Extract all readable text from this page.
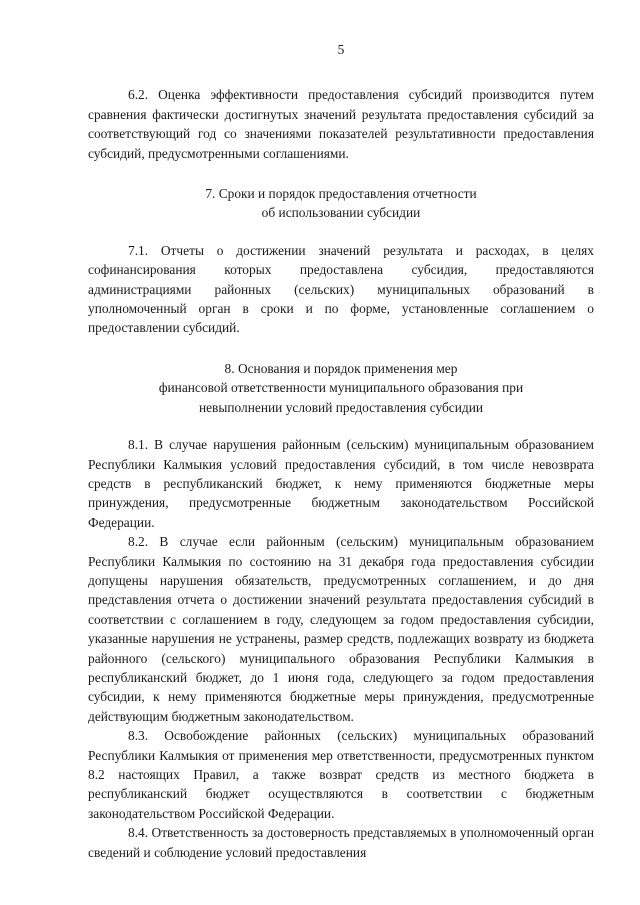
5

6.2. Оценка эффективности предоставления субсидий производится путем сравнения фактически достигнутых значений результата предоставления субсидий за соответствующий год со значениями показателей результативности предоставления субсидий, предусмотренными соглашениями.

7. Сроки и порядок предоставления отчетности
об использовании субсидии

7.1. Отчеты о достижении значений результата и расходах, в целях софинансирования которых предоставлена субсидия, предоставляются администрациями районных (сельских) муниципальных образований в уполномоченный орган в сроки и по форме, установленные соглашением о предоставлении субсидий.

8. Основания и порядок применения мер
финансовой ответственности муниципального образования при
невыполнении условий предоставления субсидии

8.1. В случае нарушения районным (сельским) муниципальным образованием Республики Калмыкия условий предоставления субсидий, в том числе невозврата средств в республиканский бюджет, к нему применяются бюджетные меры принуждения, предусмотренные бюджетным законодательством Российской Федерации.

8.2. В случае если районным (сельским) муниципальным образованием Республики Калмыкия по состоянию на 31 декабря года предоставления субсидии допущены нарушения обязательств, предусмотренных соглашением, и до дня представления отчета о достижении значений результата предоставления субсидий в соответствии с соглашением в году, следующем за годом предоставления субсидии, указанные нарушения не устранены, размер средств, подлежащих возврату из бюджета районного (сельского) муниципального образования Республики Калмыкия в республиканский бюджет, до 1 июня года, следующего за годом предоставления субсидии, к нему применяются бюджетные меры принуждения, предусмотренные действующим бюджетным законодательством.

8.3. Освобождение районных (сельских) муниципальных образований Республики Калмыкия от применения мер ответственности, предусмотренных пунктом 8.2 настоящих Правил, а также возврат средств из местного бюджета в республиканский бюджет осуществляются в соответствии с бюджетным законодательством Российской Федерации.

8.4. Ответственность за достоверность представляемых в уполномоченный орган сведений и соблюдение условий предоставления
